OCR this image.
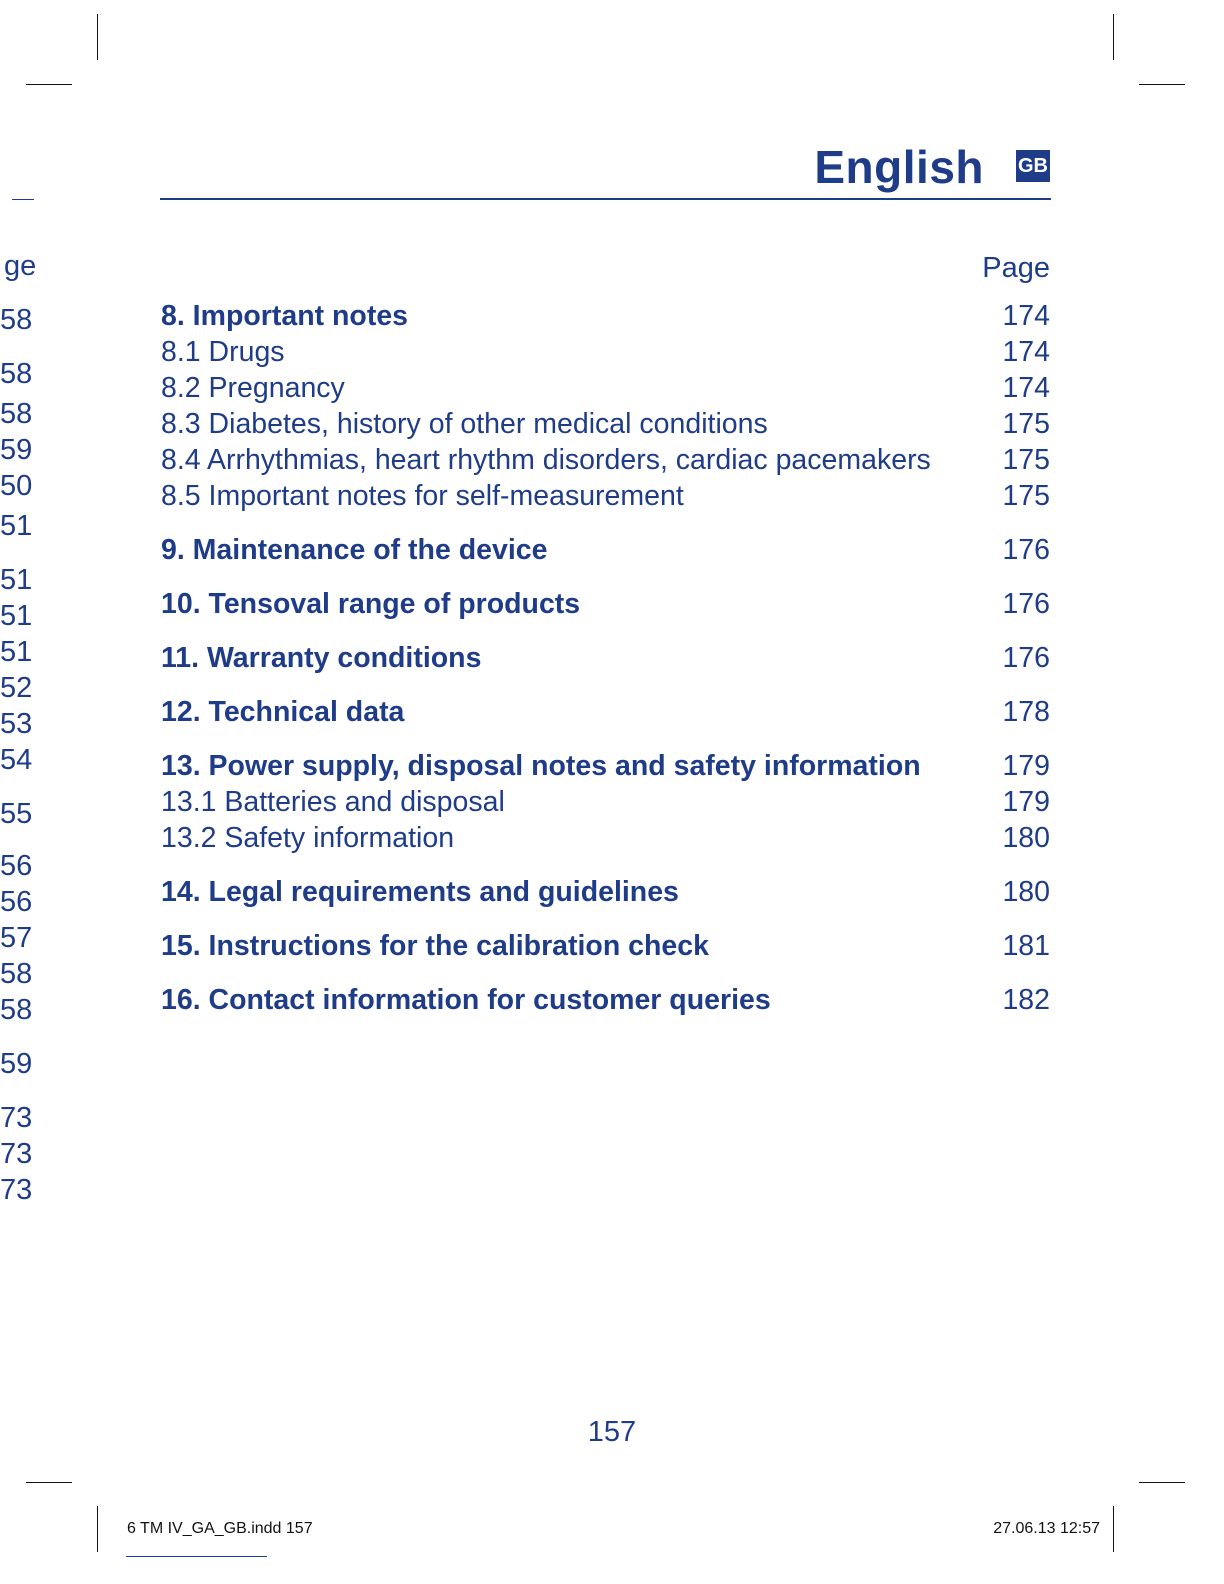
English GB
ge
58
58
58
59
50
51
51
51
51
52
53
54
55
56
56
57
58
58
59
73
73
73
Page
8. Important notes	174
8.1 Drugs	174
8.2 Pregnancy	174
8.3 Diabetes, history of other medical conditions	175
8.4 Arrhythmias, heart rhythm disorders, cardiac pacemakers	175
8.5 Important notes for self-measurement	175
9. Maintenance of the device	176
10. Tensoval range of products	176
11. Warranty conditions	176
12. Technical data	178
13. Power supply, disposal notes and safety information	179
13.1 Batteries and disposal	179
13.2 Safety information	180
14. Legal requirements and guidelines	180
15. Instructions for the calibration check	181
16. Contact information for customer queries	182
157
6 TM IV_GA_GB.indd 157	27.06.13 12:57
